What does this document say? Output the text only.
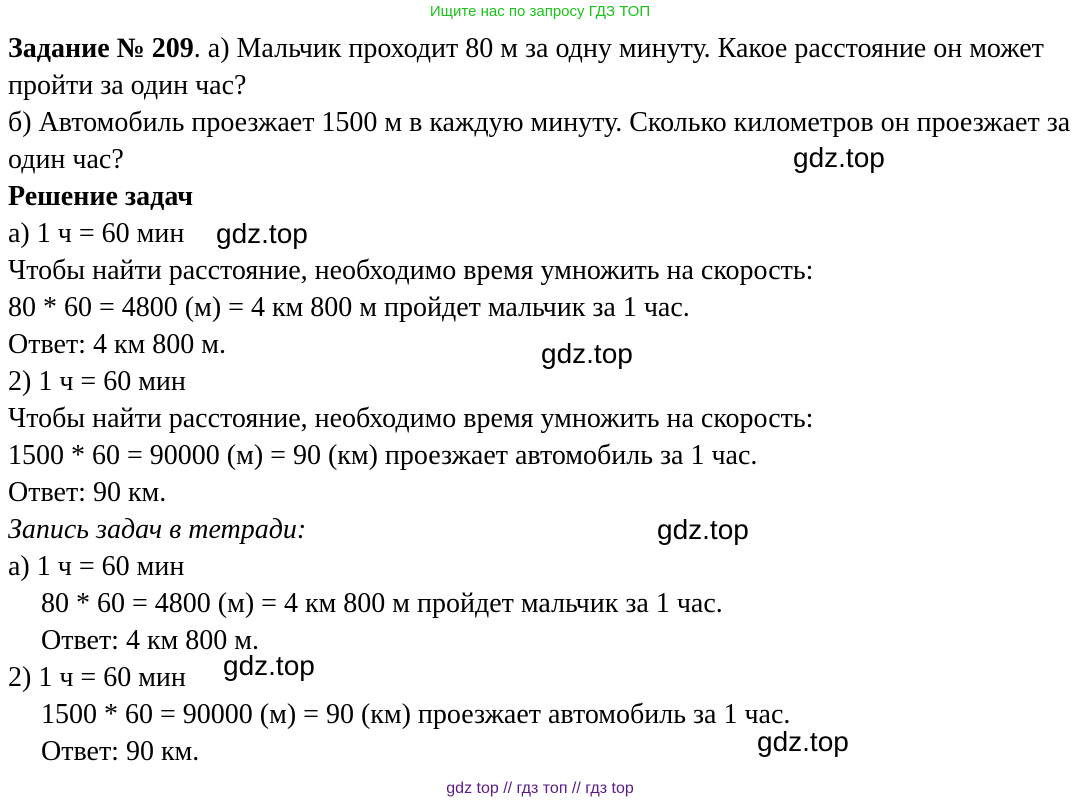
Ищите нас по запросу ГДЗ ТОП
Задание № 209. а) Мальчик проходит 80 м за одну минуту. Какое расстояние он может пройти за один час?
б) Автомобиль проезжает 1500 м в каждую минуту. Сколько километров он проезжает за один час?
Решение задач
а) 1 ч = 60 мин
Чтобы найти расстояние, необходимо время умножить на скорость:
80 * 60 = 4800 (м) = 4 км 800 м пройдет мальчик за 1 час.
Ответ: 4 км 800 м.
2) 1 ч = 60 мин
Чтобы найти расстояние, необходимо время умножить на скорость:
1500 * 60 = 90000 (м) = 90 (км) проезжает автомобиль за 1 час.
Ответ: 90 км.
Запись задач в тетради:
а) 1 ч = 60 мин
80 * 60 = 4800 (м) = 4 км 800 м пройдет мальчик за 1 час.
Ответ: 4 км 800 м.
2) 1 ч = 60 мин
1500 * 60 = 90000 (м) = 90 (км) проезжает автомобиль за 1 час.
Ответ: 90 км.
gdz.top
gdz.top
gdz.top
gdz.top
gdz.top
gdz.top
gdz top // гдз топ // гдз top
